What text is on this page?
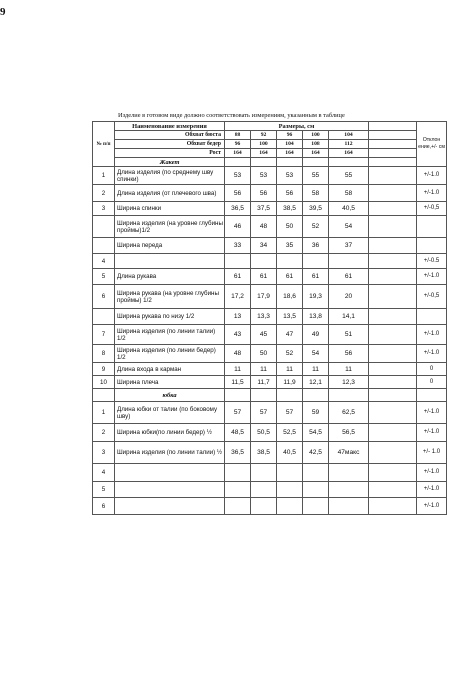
9
Изделие в готовом виде должно соответствовать измерениям, указанным в таблице
№ п/п	Наименование измерения	Размеры, см						Отклон ение,+/- см
	Обхват бюста	88	92	96	100	104		
	Обхват бедер	96	100	104	108	112		
	Рост	164	164	164	164	164		
	Жакет							
1	Длина изделия (по среднему шву спинки)	53	53	53	55	55		+/-1.0
2	Длина изделия (от плечевого шва)	56	56	56	58	58		+/-1.0
3	Ширина спинки	36,5	37,5	38,5	39,5	40,5		+/-0,5
	Ширина изделия (на уровне глубины проймы)1/2	46	48	50	52	54		
	Ширина переда	33	34	35	36	37		
4								+/-0.5
5	Длина рукава	61	61	61	61	61		+/-1.0
6	Ширина рукава (на уровне глубины проймы) 1/2	17,2	17,9	18,6	19,3	20		+/-0,5
	Ширина рукава по низу 1/2	13	13,3	13,5	13,8	14,1		
7	Ширина изделия (по линии талии) 1/2	43	45	47	49	51		+/-1.0
8	Ширина изделия (по линии бедер) 1/2	48	50	52	54	56		+/-1.0
9	Длина входа в карман	11	11	11	11	11		0
10	Ширина плеча	11,5	11,7	11,9	12,1	12,3		0
	юбка							
1	Длина юбки от талии (по боковому шву)	57	57	57	59	62,5		+/-1.0
2	Ширина юбки(по линии бедер) ½	48,5	50,5	52,5	54,5	56,5		+/-1.0
3	Ширина изделия (по линии талии) ½	36,5	38,5	40,5	42,5	47макс		+/- 1.0
4								+/-1.0
5								+/-1.0
6								+/-1.0
